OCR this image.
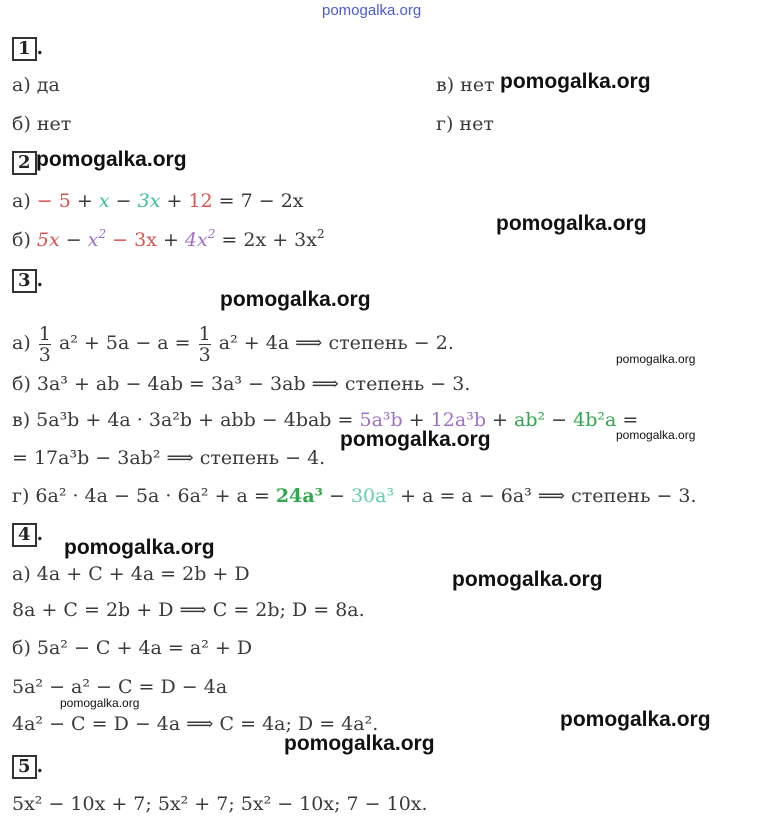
pomogalka.org
1 .
а) да	в) нет
б) нет	г) нет
pomogalka.org
2 pomogalka.org
а) − 5 + x − 3x + 12 = 7 − 2x
б) $5x - x^2 - 3x + 4x^2 = 2x + 3x^2$	pomogalka.org
3 .
pomogalka.org
$а) \frac{1}{3} a^2 + 5a - a = \frac{1}{3} a^2 + 4a$ ⟹ степень − 2.
pomogalka.org
б) 3a³ + ab − 4ab = 3a³ − 3ab ⟹ степень − 3.
в) 5a³b + 4a · 3a²b + abb − 4bab = 5a³b + 12a³b + ab² − 4b²a =
pomogalka.org
pomogalka.org
= 17a³b − 3ab² ⟹ степень − 4.
г) 6a² · 4a − 5a · 6a² + a = 24a³ − 30a³ + a = a − 6a³ ⟹ степень − 3.
4 .
pomogalka.org
а) 4a + C + 4a = 2b + D	pomogalka.org
8a + C = 2b + D ⟹ C = 2b; D = 8a.
б) 5a² − C + 4a = a² + D
5a² − a² − C = D − 4a
pomogalka.org
4a² − C = D − 4a ⟹ C = 4a; D = 4a².	pomogalka.org
pomogalka.org
5 .
5x² − 10x + 7; 5x² + 7; 5x² − 10x; 7 − 10x.
